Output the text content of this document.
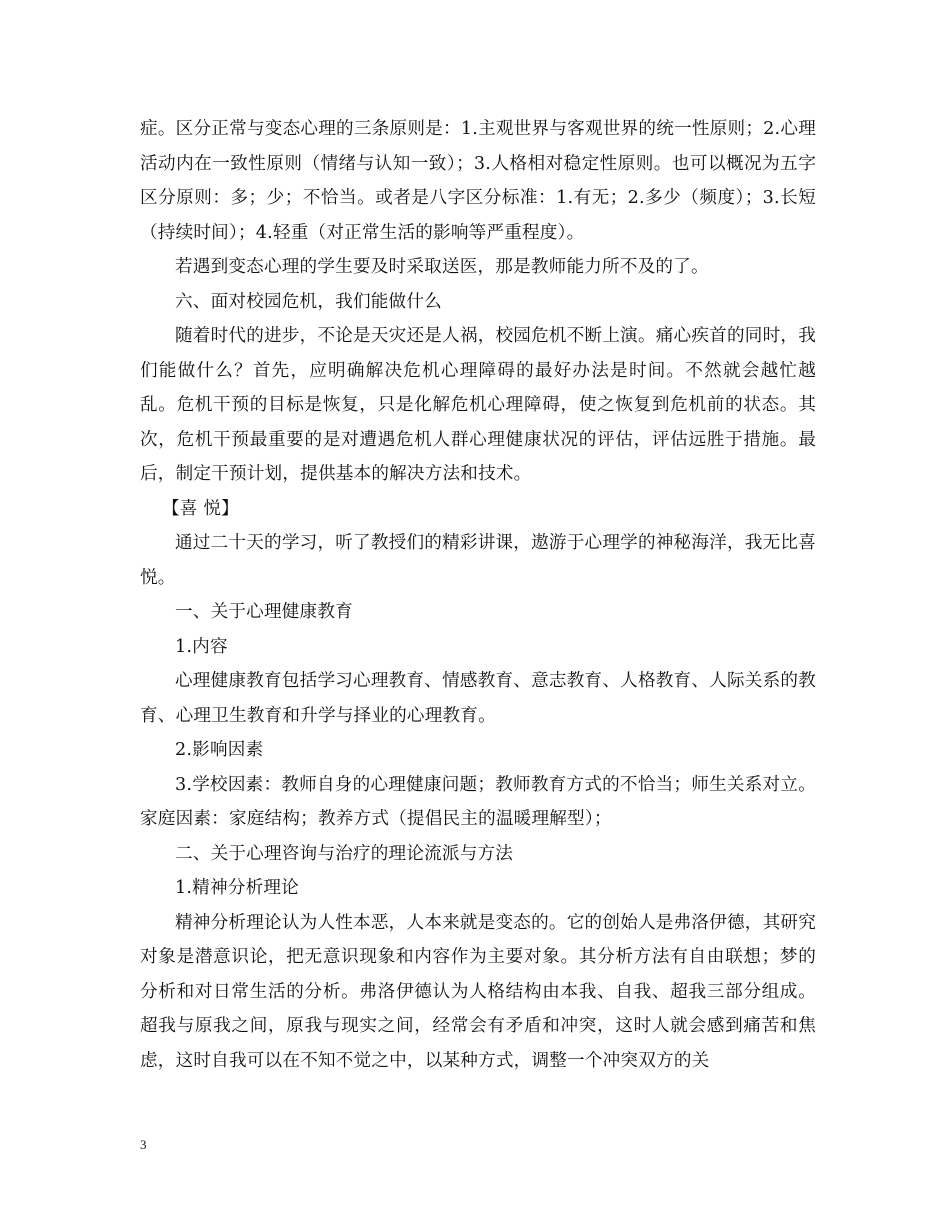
症。区分正常与变态心理的三条原则是：1.主观世界与客观世界的统一性原则；2.心理活动内在一致性原则（情绪与认知一致）；3.人格相对稳定性原则。也可以概况为五字区分原则：多；少；不恰当。或者是八字区分标准：1.有无；2.多少（频度）；3.长短（持续时间）；4.轻重（对正常生活的影响等严重程度）。

若遇到变态心理的学生要及时采取送医，那是教师能力所不及的了。

六、面对校园危机，我们能做什么

随着时代的进步，不论是天灾还是人祸，校园危机不断上演。痛心疾首的同时，我们能做什么？首先，应明确解决危机心理障碍的最好办法是时间。不然就会越忙越乱。危机干预的目标是恢复，只是化解危机心理障碍，使之恢复到危机前的状态。其次，危机干预最重要的是对遭遇危机人群心理健康状况的评估，评估远胜于措施。最后，制定干预计划，提供基本的解决方法和技术。

【喜 悦】

通过二十天的学习，听了教授们的精彩讲课，遨游于心理学的神秘海洋，我无比喜悦。

一、关于心理健康教育

1.内容

心理健康教育包括学习心理教育、情感教育、意志教育、人格教育、人际关系的教育、心理卫生教育和升学与择业的心理教育。

2.影响因素

3.学校因素：教师自身的心理健康问题；教师教育方式的不恰当；师生关系对立。家庭因素：家庭结构；教养方式（提倡民主的温暖理解型）；

二、关于心理咨询与治疗的理论流派与方法

1.精神分析理论

精神分析理论认为人性本恶，人本来就是变态的。它的创始人是弗洛伊德，其研究对象是潜意识论，把无意识现象和内容作为主要对象。其分析方法有自由联想；梦的分析和对日常生活的分析。弗洛伊德认为人格结构由本我、自我、超我三部分组成。超我与原我之间，原我与现实之间，经常会有矛盾和冲突，这时人就会感到痛苦和焦虑，这时自我可以在不知不觉之中，以某种方式，调整一个冲突双方的关

3
